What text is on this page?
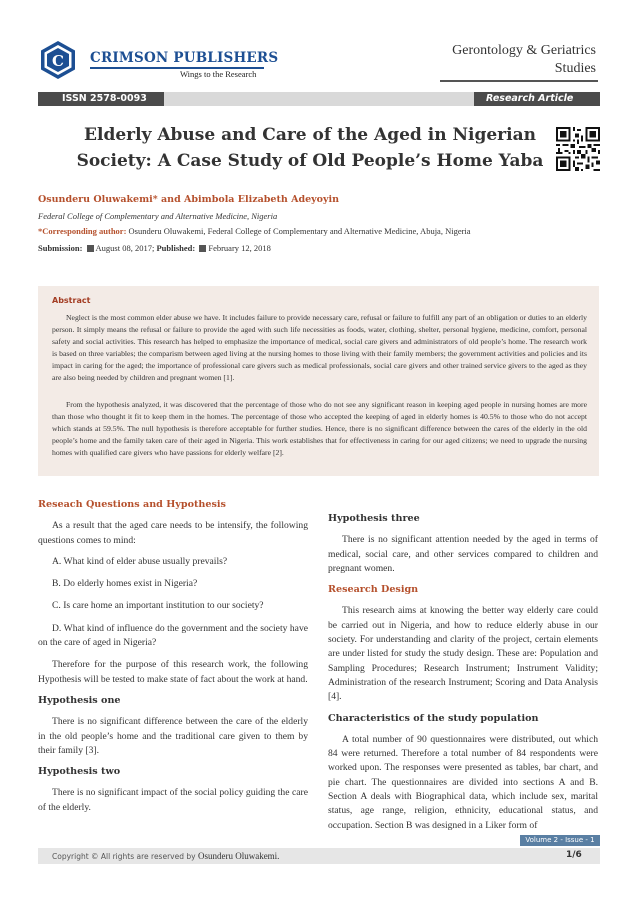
C CRIMSON PUBLISHERS
Wings to the Research
Gerontology & Geriatrics
Studies
ISSN 2578-0093	Research Article
Elderly Abuse and Care of the Aged in Nigerian
Society: A Case Study of Old People’s Home Yaba
Osunderu Oluwakemi* and Abimbola Elizabeth Adeyoyin
Federal College of Complementary and Alternative Medicine, Nigeria
*Corresponding author: Osunderu Oluwakemi, Federal College of Complementary and Alternative Medicine, Abuja, Nigeria
Submission: August 08, 2017; Published: February 12, 2018
Abstract

Neglect is the most common elder abuse we have. It includes failure to provide necessary care, refusal or failure to fulfill any part of an obligation or duties to an elderly person. It simply means the refusal or failure to provide the aged with such life necessities as foods, water, clothing, shelter, personal hygiene, medicine, comfort, personal safety and social activities. This research has helped to emphasize the importance of medical, social care givers and administrators of old people’s home. The research work is based on three variables; the comparism between aged living at the nursing homes to those living with their family members; the government activities and policies and its impact in caring for the aged; the importance of professional care givers such as medical professionals, social care givers and other trained service givers to the aged as they are also being needed by children and pregnant women [1].

From the hypothesis analyzed, it was discovered that the percentage of those who do not see any significant reason in keeping aged people in nursing homes are more than those who thought it fit to keep them in the homes. The percentage of those who accepted the keeping of aged in elderly homes is 40.5% to those who do not accept which stands at 59.5%. The null hypothesis is therefore acceptable for further studies. Hence, there is no significant difference between the cares of the elderly in the old people’s home and the family taken care of their aged in Nigeria. This work establishes that for effectiveness in caring for our aged citizens; we need to upgrade the nursing homes with qualified care givers who have passions for elderly welfare [2].

Reseach Questions and Hypothesis

As a result that the aged care needs to be intensify, the following questions comes to mind:

A. What kind of elder abuse usually prevails?

B. Do elderly homes exist in Nigeria?

C. Is care home an important institution to our society?

D. What kind of influence do the government and the society have on the care of aged in Nigeria?

Therefore for the purpose of this research work, the following Hypothesis will be tested to make state of fact about the work at hand.

Hypothesis one

There is no significant difference between the care of the elderly in the old people’s home and the traditional care given to them by their family [3].

Hypothesis two

There is no significant impact of the social policy guiding the care of the elderly.

Hypothesis three

There is no significant attention needed by the aged in terms of medical, social care, and other services compared to children and pregnant women.

Research Design

This research aims at knowing the better way elderly care could be carried out in Nigeria, and how to reduce elderly abuse in our society. For understanding and clarity of the project, certain elements are under listed for study the study design. These are: Population and Sampling Procedures; Research Instrument; Instrument Validity; Administration of the research Instrument; Scoring and Data Analysis [4].

Characteristics of the study population

A total number of 90 questionnaires were distributed, out which 84 were returned. Therefore a total number of 84 respondents were worked upon. The responses were presented as tables, bar chart, and pie chart. The questionnaires are divided into sections A and B. Section A deals with Biographical data, which include sex, marital status, age range, religion, ethnicity, educational status, and occupation. Section B was designed in a Liker form of

Volume 2 - Issue - 1
Copyright © All rights are reserved by Osunderu Oluwakemi.	1/6
